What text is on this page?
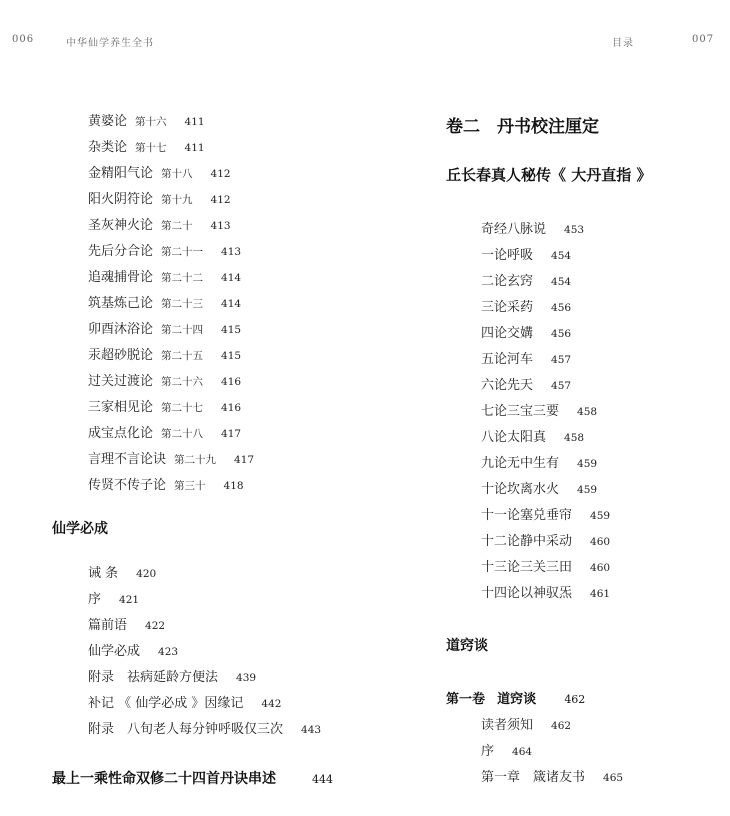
006	中华仙学养生全书	目录	007
黄婆论 第十六 411
杂类论 第十七 411
金精阳气论 第十八 412
阳火阴符论 第十九 412
圣灰神火论 第二十 413
先后分合论 第二十一 413
追魂捕骨论 第二十二 414
筑基炼己论 第二十三 414
卯酉沐浴论 第二十四 415
汞超砂脱论 第二十五 415
过关过渡论 第二十六 416
三家相见论 第二十七 416
成宝点化论 第二十八 417
言理不言论诀 第二十九 417
传贤不传子论 第三十 418
仙学必成
诫 条 420
序 421
篇前语 422
仙学必成 423
附录　祛病延龄方便法 439
补记 《 仙学必成 》因缘记 442
附录　八旬老人每分钟呼吸仅三次 443
最上一乘性命双修二十四首丹诀串述	444
卷二　丹书校注厘定
丘长春真人秘传《 大丹直指 》
奇经八脉说 453
一论呼吸 454
二论玄窍 454
三论采药 456
四论交媾 456
五论河车 457
六论先天 457
七论三宝三要 458
八论太阳真 458
九论无中生有 459
十论坎离水火 459
十一论塞兑垂帘 459
十二论静中采动 460
十三论三关三田 460
十四论以神驭炁 461
道窍谈
第一卷 道窍谈	462
读者须知 462
序 464
第一章　箴诸友书 465
